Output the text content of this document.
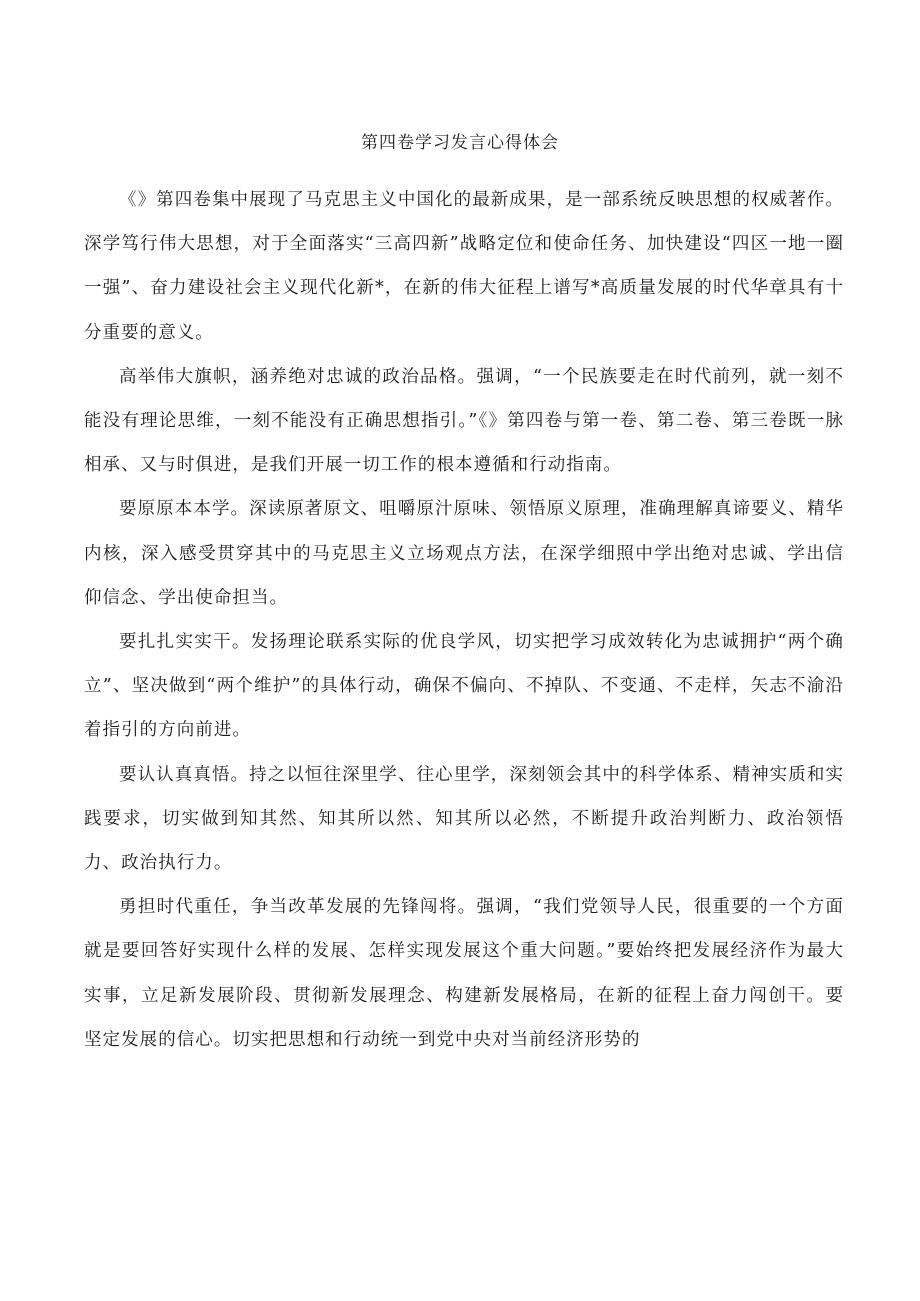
第四卷学习发言心得体会

《》第四卷集中展现了马克思主义中国化的最新成果，是一部系统反映思想的权威著作。深学笃行伟大思想，对于全面落实“三高四新”战略定位和使命任务、加快建设“四区一地一圈一强”、奋力建设社会主义现代化新*，在新的伟大征程上谱写*高质量发展的时代华章具有十分重要的意义。

高举伟大旗帜，涵养绝对忠诚的政治品格。强调，“一个民族要走在时代前列，就一刻不能没有理论思维，一刻不能没有正确思想指引。”《》第四卷与第一卷、第二卷、第三卷既一脉相承、又与时俱进，是我们开展一切工作的根本遵循和行动指南。

要原原本本学。深读原著原文、咀嚼原汁原味、领悟原义原理，准确理解真谛要义、精华内核，深入感受贯穿其中的马克思主义立场观点方法，在深学细照中学出绝对忠诚、学出信仰信念、学出使命担当。

要扎扎实实干。发扬理论联系实际的优良学风，切实把学习成效转化为忠诚拥护“两个确立”、坚决做到“两个维护”的具体行动，确保不偏向、不掉队、不变通、不走样，矢志不渝沿着指引的方向前进。

要认认真真悟。持之以恒往深里学、往心里学，深刻领会其中的科学体系、精神实质和实践要求，切实做到知其然、知其所以然、知其所以必然，不断提升政治判断力、政治领悟力、政治执行力。

勇担时代重任，争当改革发展的先锋闯将。强调，“我们党领导人民，很重要的一个方面就是要回答好实现什么样的发展、怎样实现发展这个重大问题。”要始终把发展经济作为最大实事，立足新发展阶段、贯彻新发展理念、构建新发展格局，在新的征程上奋力闯创干。要坚定发展的信心。切实把思想和行动统一到党中央对当前经济形势的
